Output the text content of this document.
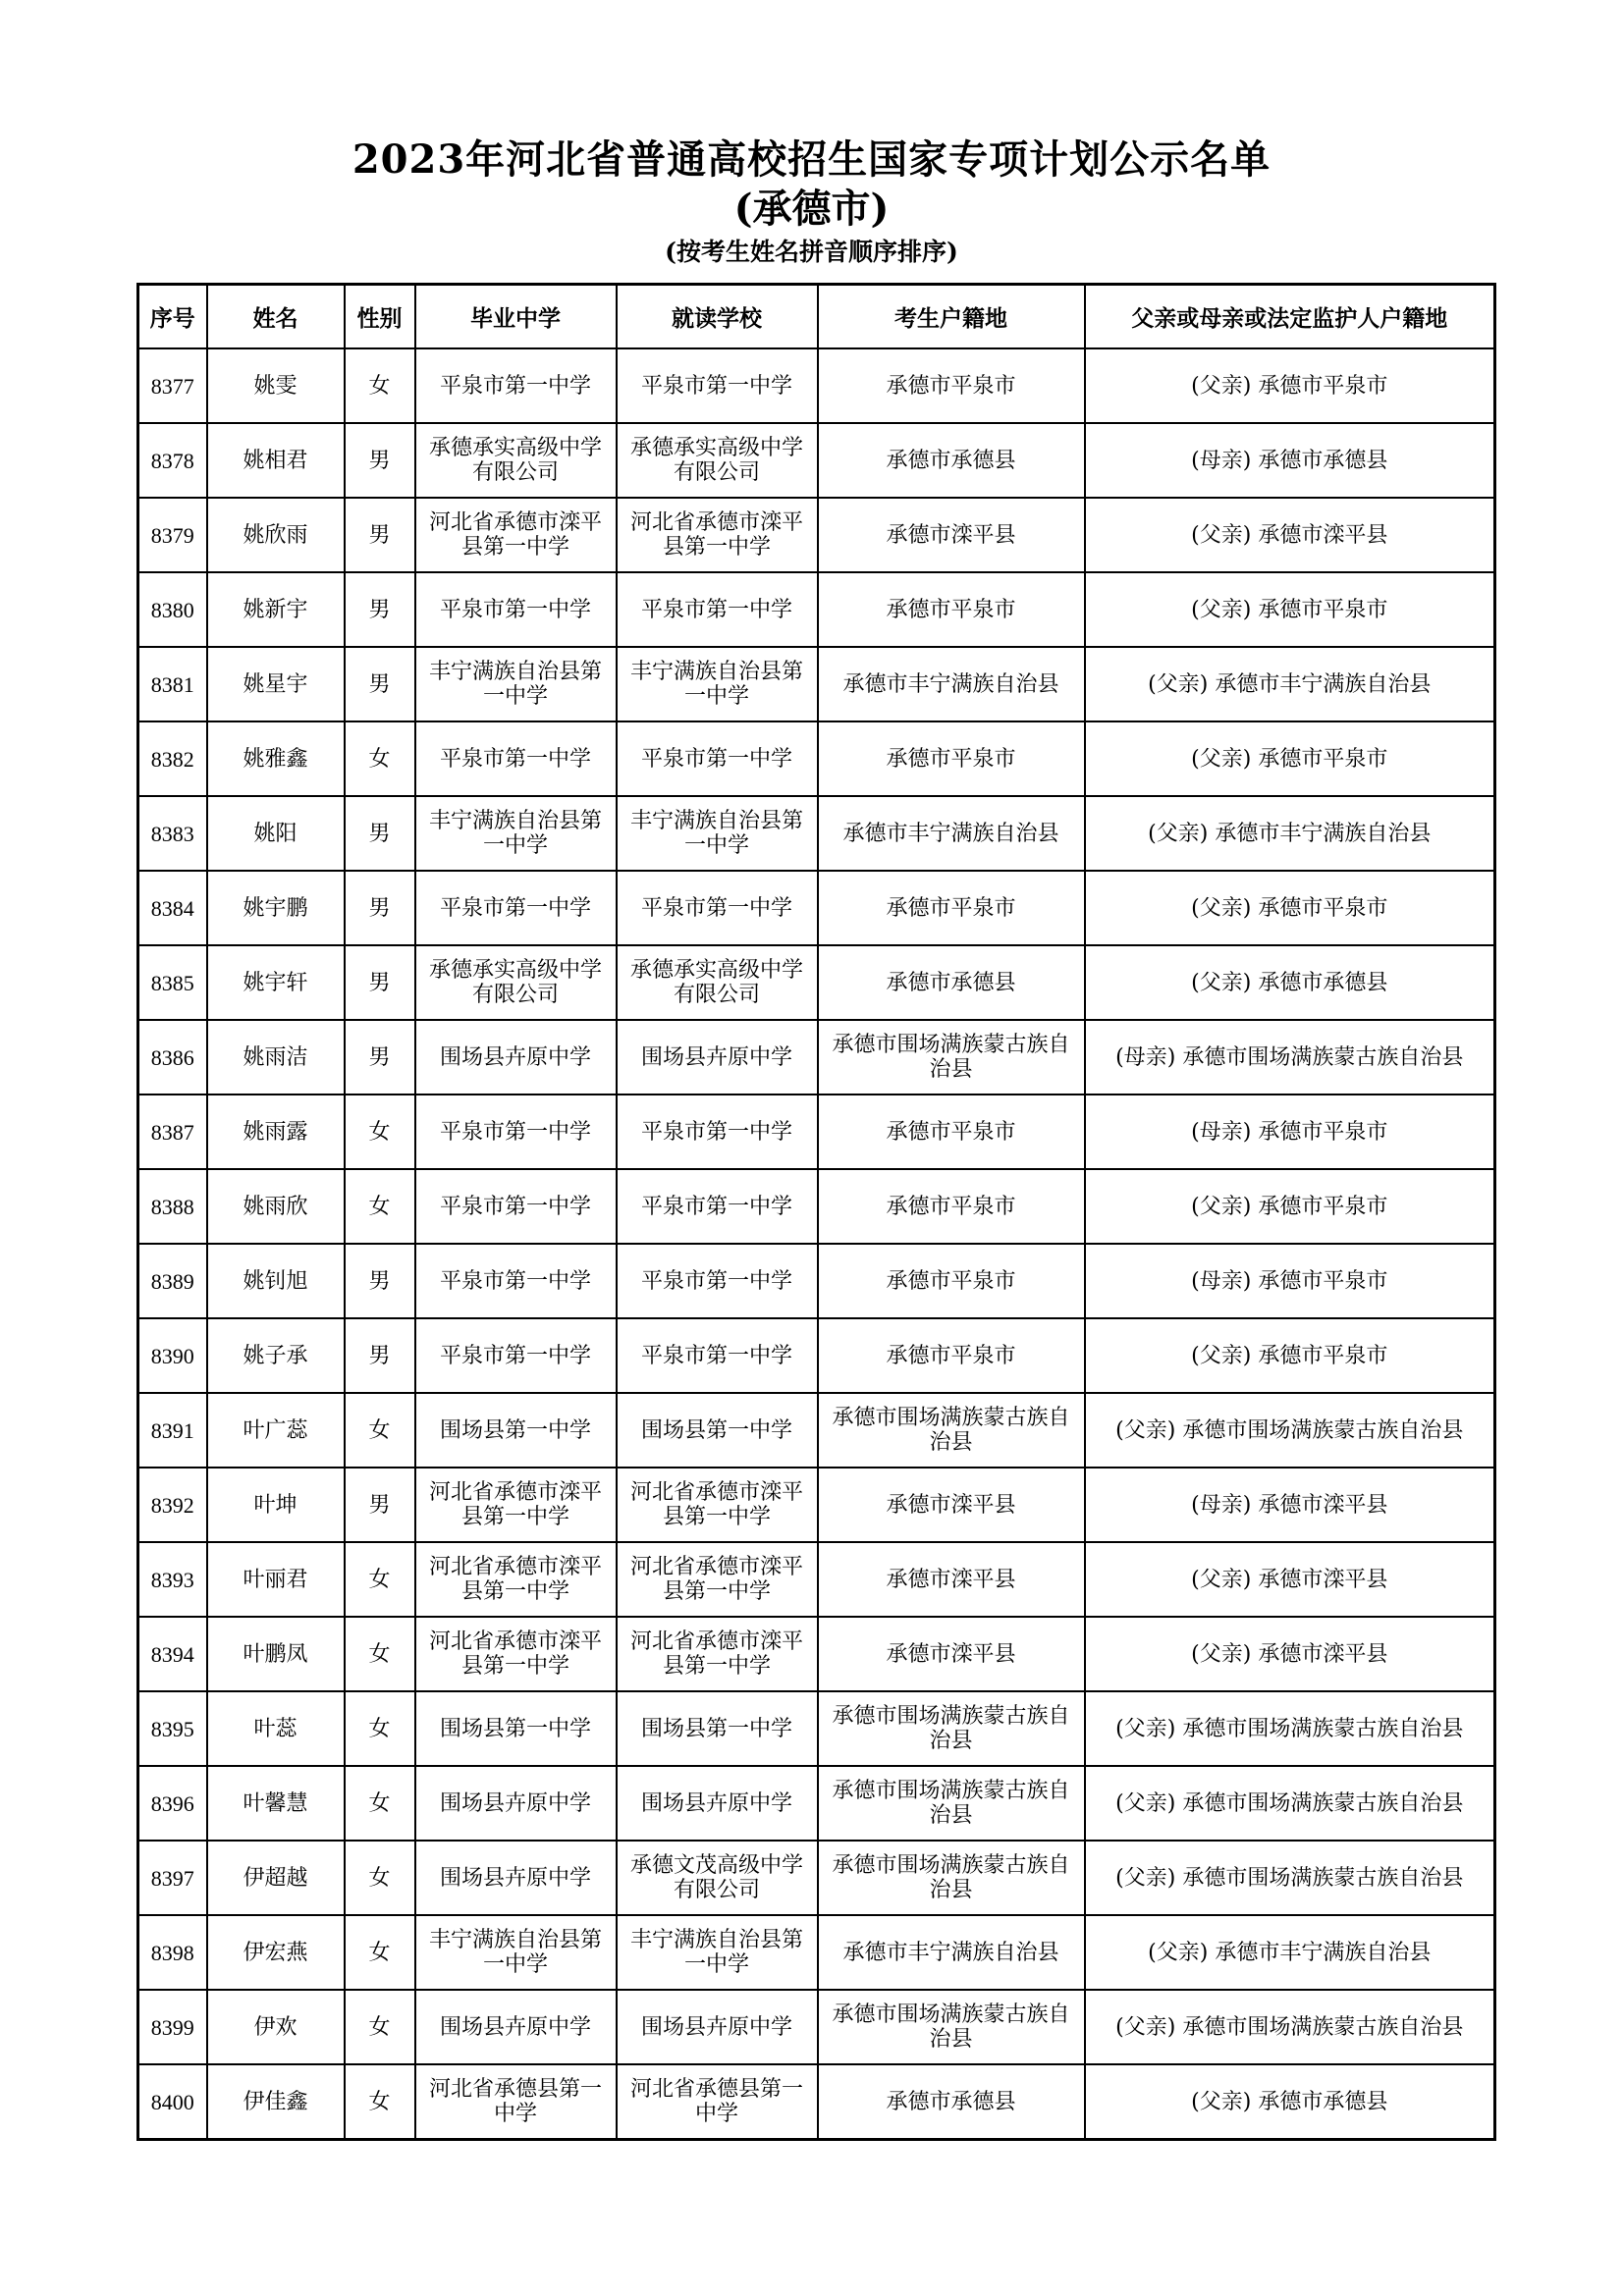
2023年河北省普通高校招生国家专项计划公示名单
(承德市)
(按考生姓名拼音顺序排序)
序号	姓名	性别	毕业中学	就读学校	考生户籍地	父亲或母亲或法定监护人户籍地
8377	姚雯	女	平泉市第一中学	平泉市第一中学	承德市平泉市	(父亲) 承德市平泉市
8378	姚相君	男	承德承实高级中学有限公司	承德承实高级中学有限公司	承德市承德县	(母亲) 承德市承德县
8379	姚欣雨	男	河北省承德市滦平县第一中学	河北省承德市滦平县第一中学	承德市滦平县	(父亲) 承德市滦平县
8380	姚新宇	男	平泉市第一中学	平泉市第一中学	承德市平泉市	(父亲) 承德市平泉市
8381	姚星宇	男	丰宁满族自治县第一中学	丰宁满族自治县第一中学	承德市丰宁满族自治县	(父亲) 承德市丰宁满族自治县
8382	姚雅鑫	女	平泉市第一中学	平泉市第一中学	承德市平泉市	(父亲) 承德市平泉市
8383	姚阳	男	丰宁满族自治县第一中学	丰宁满族自治县第一中学	承德市丰宁满族自治县	(父亲) 承德市丰宁满族自治县
8384	姚宇鹏	男	平泉市第一中学	平泉市第一中学	承德市平泉市	(父亲) 承德市平泉市
8385	姚宇轩	男	承德承实高级中学有限公司	承德承实高级中学有限公司	承德市承德县	(父亲) 承德市承德县
8386	姚雨洁	男	围场县卉原中学	围场县卉原中学	承德市围场满族蒙古族自治县	(母亲) 承德市围场满族蒙古族自治县
8387	姚雨露	女	平泉市第一中学	平泉市第一中学	承德市平泉市	(母亲) 承德市平泉市
8388	姚雨欣	女	平泉市第一中学	平泉市第一中学	承德市平泉市	(父亲) 承德市平泉市
8389	姚钊旭	男	平泉市第一中学	平泉市第一中学	承德市平泉市	(母亲) 承德市平泉市
8390	姚子承	男	平泉市第一中学	平泉市第一中学	承德市平泉市	(父亲) 承德市平泉市
8391	叶广蕊	女	围场县第一中学	围场县第一中学	承德市围场满族蒙古族自治县	(父亲) 承德市围场满族蒙古族自治县
8392	叶坤	男	河北省承德市滦平县第一中学	河北省承德市滦平县第一中学	承德市滦平县	(母亲) 承德市滦平县
8393	叶丽君	女	河北省承德市滦平县第一中学	河北省承德市滦平县第一中学	承德市滦平县	(父亲) 承德市滦平县
8394	叶鹏凤	女	河北省承德市滦平县第一中学	河北省承德市滦平县第一中学	承德市滦平县	(父亲) 承德市滦平县
8395	叶蕊	女	围场县第一中学	围场县第一中学	承德市围场满族蒙古族自治县	(父亲) 承德市围场满族蒙古族自治县
8396	叶馨慧	女	围场县卉原中学	围场县卉原中学	承德市围场满族蒙古族自治县	(父亲) 承德市围场满族蒙古族自治县
8397	伊超越	女	围场县卉原中学	承德文茂高级中学有限公司	承德市围场满族蒙古族自治县	(父亲) 承德市围场满族蒙古族自治县
8398	伊宏燕	女	丰宁满族自治县第一中学	丰宁满族自治县第一中学	承德市丰宁满族自治县	(父亲) 承德市丰宁满族自治县
8399	伊欢	女	围场县卉原中学	围场县卉原中学	承德市围场满族蒙古族自治县	(父亲) 承德市围场满族蒙古族自治县
8400	伊佳鑫	女	河北省承德县第一中学	河北省承德县第一中学	承德市承德县	(父亲) 承德市承德县
